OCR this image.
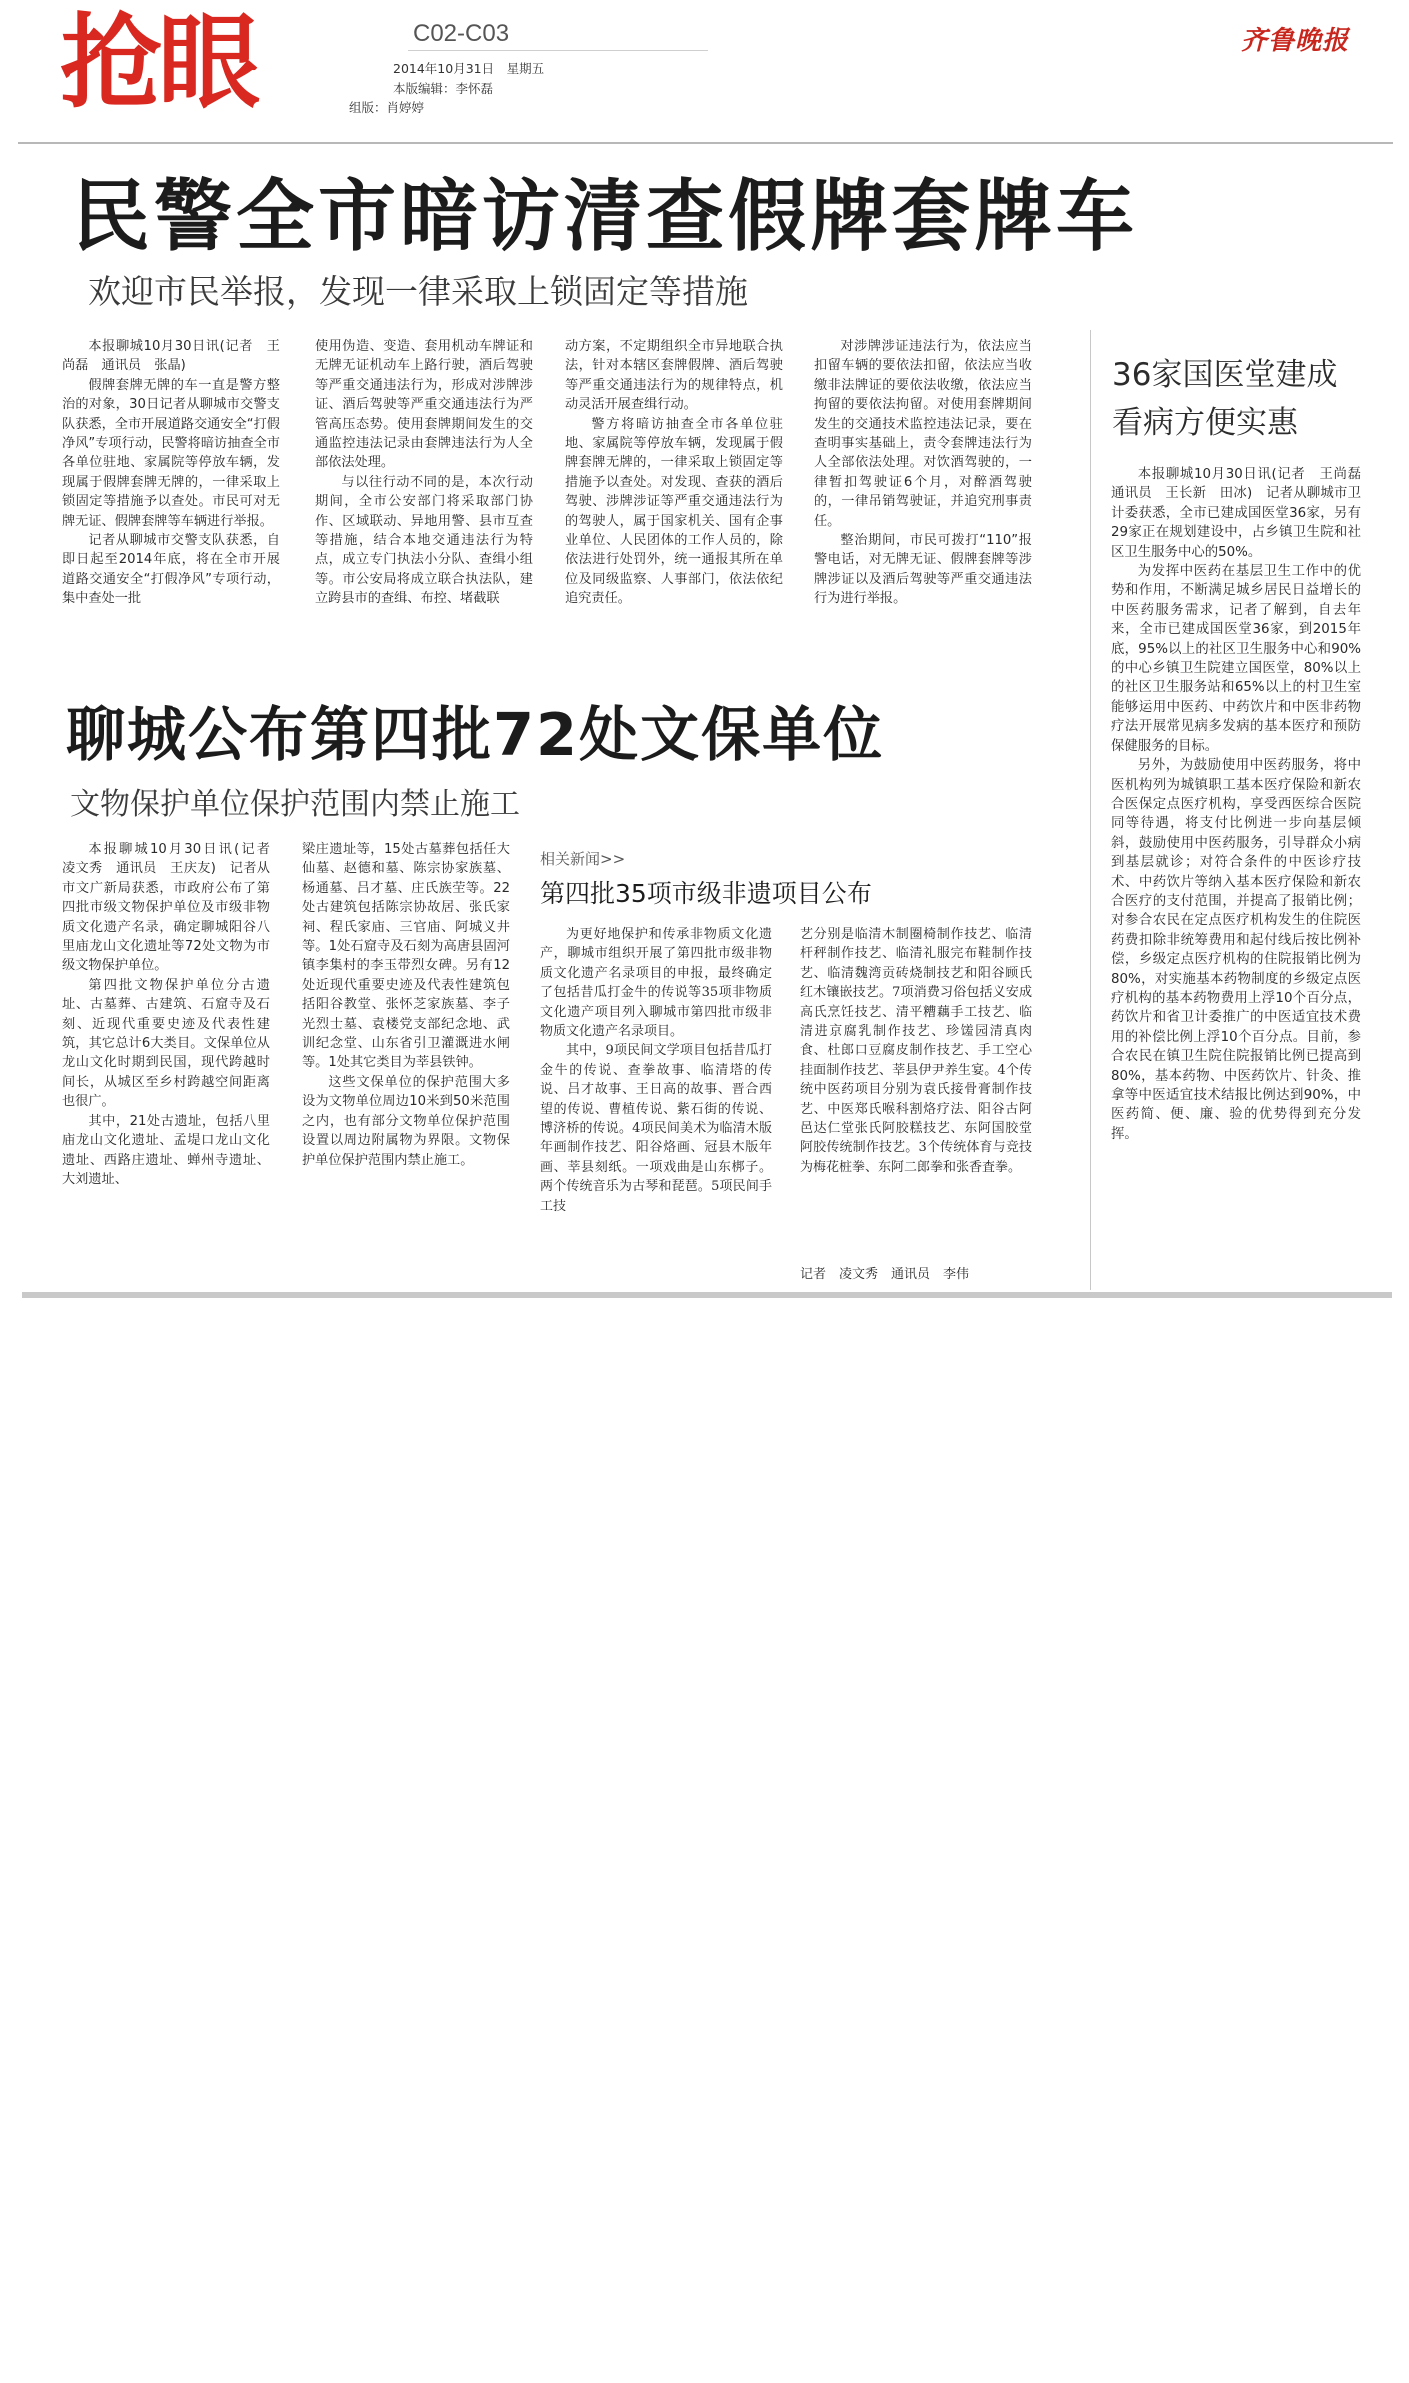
抢眼	C02-C03
2014年10月31日　星期五
本版编辑：李怀磊
组版：肖婷婷
齐鲁晚报
民警全市暗访清查假牌套牌车
欢迎市民举报，发现一律采取上锁固定等措施

本报聊城10月30日讯(记者　王尚磊　通讯员　张晶)

假牌套牌无牌的车一直是警方整治的对象，30日记者从聊城市交警支队获悉，全市开展道路交通安全“打假净风”专项行动，民警将暗访抽查全市各单位驻地、家属院等停放车辆，发现属于假牌套牌无牌的，一律采取上锁固定等措施予以查处。市民可对无牌无证、假牌套牌等车辆进行举报。

记者从聊城市交警支队获悉，自即日起至2014年底，将在全市开展道路交通安全“打假净风”专项行动，集中查处一批

使用伪造、变造、套用机动车牌证和无牌无证机动车上路行驶，酒后驾驶等严重交通违法行为，形成对涉牌涉证、酒后驾驶等严重交通违法行为严管高压态势。使用套牌期间发生的交通监控违法记录由套牌违法行为人全部依法处理。

与以往行动不同的是，本次行动期间，全市公安部门将采取部门协作、区域联动、异地用警、县市互查等措施，结合本地交通违法行为特点，成立专门执法小分队、查缉小组等。市公安局将成立联合执法队，建立跨县市的查缉、布控、堵截联

动方案，不定期组织全市异地联合执法，针对本辖区套牌假牌、酒后驾驶等严重交通违法行为的规律特点，机动灵活开展查缉行动。

警方将暗访抽查全市各单位驻地、家属院等停放车辆，发现属于假牌套牌无牌的，一律采取上锁固定等措施予以查处。对发现、查获的酒后驾驶、涉牌涉证等严重交通违法行为的驾驶人，属于国家机关、国有企事业单位、人民团体的工作人员的，除依法进行处罚外，统一通报其所在单位及同级监察、人事部门，依法依纪追究责任。

对涉牌涉证违法行为，依法应当扣留车辆的要依法扣留，依法应当收缴非法牌证的要依法收缴，依法应当拘留的要依法拘留。对使用套牌期间发生的交通技术监控违法记录，要在查明事实基础上，责令套牌违法行为人全部依法处理。对饮酒驾驶的，一律暂扣驾驶证6个月，对醉酒驾驶的，一律吊销驾驶证，并追究刑事责任。

整治期间，市民可拨打“110”报警电话，对无牌无证、假牌套牌等涉牌涉证以及酒后驾驶等严重交通违法行为进行举报。

聊城公布第四批72处文保单位
文物保护单位保护范围内禁止施工

本报聊城10月30日讯(记者　凌文秀　通讯员　王庆友)　记者从市文广新局获悉，市政府公布了第四批市级文物保护单位及市级非物质文化遗产名录，确定聊城阳谷八里庙龙山文化遗址等72处文物为市级文物保护单位。

第四批文物保护单位分古遗址、古墓葬、古建筑、石窟寺及石刻、近现代重要史迹及代表性建筑，其它总计6大类目。文保单位从龙山文化时期到民国，现代跨越时间长，从城区至乡村跨越空间距离也很广。

其中，21处古遗址，包括八里庙龙山文化遗址、孟堤口龙山文化遗址、西路庄遗址、蝉州寺遗址、大刘遗址、

梁庄遗址等，15处古墓葬包括任大仙墓、赵德和墓、陈宗协家族墓、杨通墓、吕才墓、庄氏族茔等。22处古建筑包括陈宗协故居、张氏家祠、程氏家庙、三官庙、阿城义井等。1处石窟寺及石刻为高唐县固河镇李集村的李玉带烈女碑。另有12处近现代重要史迹及代表性建筑包括阳谷教堂、张怀芝家族墓、李子光烈士墓、袁楼党支部纪念地、武训纪念堂、山东省引卫灌溉进水闸等。1处其它类目为莘县铁钟。

这些文保单位的保护范围大多设为文物单位周边10米到50米范围之内，也有部分文物单位保护范围设置以周边附属物为界限。文物保护单位保护范围内禁止施工。

相关新闻>>
第四批35项市级非遗项目公布

为更好地保护和传承非物质文化遗产，聊城市组织开展了第四批市级非物质文化遗产名录项目的申报，最终确定了包括昔瓜打金牛的传说等35项非物质文化遗产项目列入聊城市第四批市级非物质文化遗产名录项目。

其中，9项民间文学项目包括昔瓜打金牛的传说、查拳故事、临清塔的传说、吕才故事、王日高的故事、晋合西望的传说、曹植传说、紫石街的传说、博济桥的传说。4项民间美术为临清木版年画制作技艺、阳谷烙画、冠县木版年画、莘县刻纸。一项戏曲是山东梆子。两个传统音乐为古琴和琵琶。5项民间手工技

艺分别是临清木制圈椅制作技艺、临清杆秤制作技艺、临清礼服完布鞋制作技艺、临清魏湾贡砖烧制技艺和阳谷顾氏红木镶嵌技艺。7项消费习俗包括义安成高氏烹饪技艺、清平糟藕手工技艺、临清进京腐乳制作技艺、珍馐园清真肉食、杜郎口豆腐皮制作技艺、手工空心挂面制作技艺、莘县伊尹养生宴。4个传统中医药项目分别为袁氏接骨膏制作技艺、中医郑氏喉科割烙疗法、阳谷古阿邑达仁堂张氏阿胶糕技艺、东阿国胶堂阿胶传统制作技艺。3个传统体育与竞技为梅花桩拳、东阿二郎拳和张香査拳。

记者　凌文秀　通讯员　李伟

36家国医堂建成
看病方便实惠

本报聊城10月30日讯(记者　王尚磊　通讯员　王长新　田冰)　记者从聊城市卫计委获悉，全市已建成国医堂36家，另有29家正在规划建设中，占乡镇卫生院和社区卫生服务中心的50%。

为发挥中医药在基层卫生工作中的优势和作用，不断满足城乡居民日益增长的中医药服务需求，记者了解到，自去年来，全市已建成国医堂36家，到2015年底，95%以上的社区卫生服务中心和90%的中心乡镇卫生院建立国医堂，80%以上的社区卫生服务站和65%以上的村卫生室能够运用中医药、中药饮片和中医非药物疗法开展常见病多发病的基本医疗和预防保健服务的目标。

另外，为鼓励使用中医药服务，将中医机构列为城镇职工基本医疗保险和新农合医保定点医疗机构，享受西医综合医院同等待遇，将支付比例进一步向基层倾斜，鼓励使用中医药服务，引导群众小病到基层就诊；对符合条件的中医诊疗技术、中药饮片等纳入基本医疗保险和新农合医疗的支付范围，并提高了报销比例；对参合农民在定点医疗机构发生的住院医药费扣除非统筹费用和起付线后按比例补偿，乡级定点医疗机构的住院报销比例为80%，对实施基本药物制度的乡级定点医疗机构的基本药物费用上浮10个百分点，药饮片和省卫计委推广的中医适宜技术费用的补偿比例上浮10个百分点。目前，参合农民在镇卫生院住院报销比例已提高到80%，基本药物、中医药饮片、针灸、推拿等中医适宜技术结报比例达到90%，中医药简、便、廉、验的优势得到充分发挥。
